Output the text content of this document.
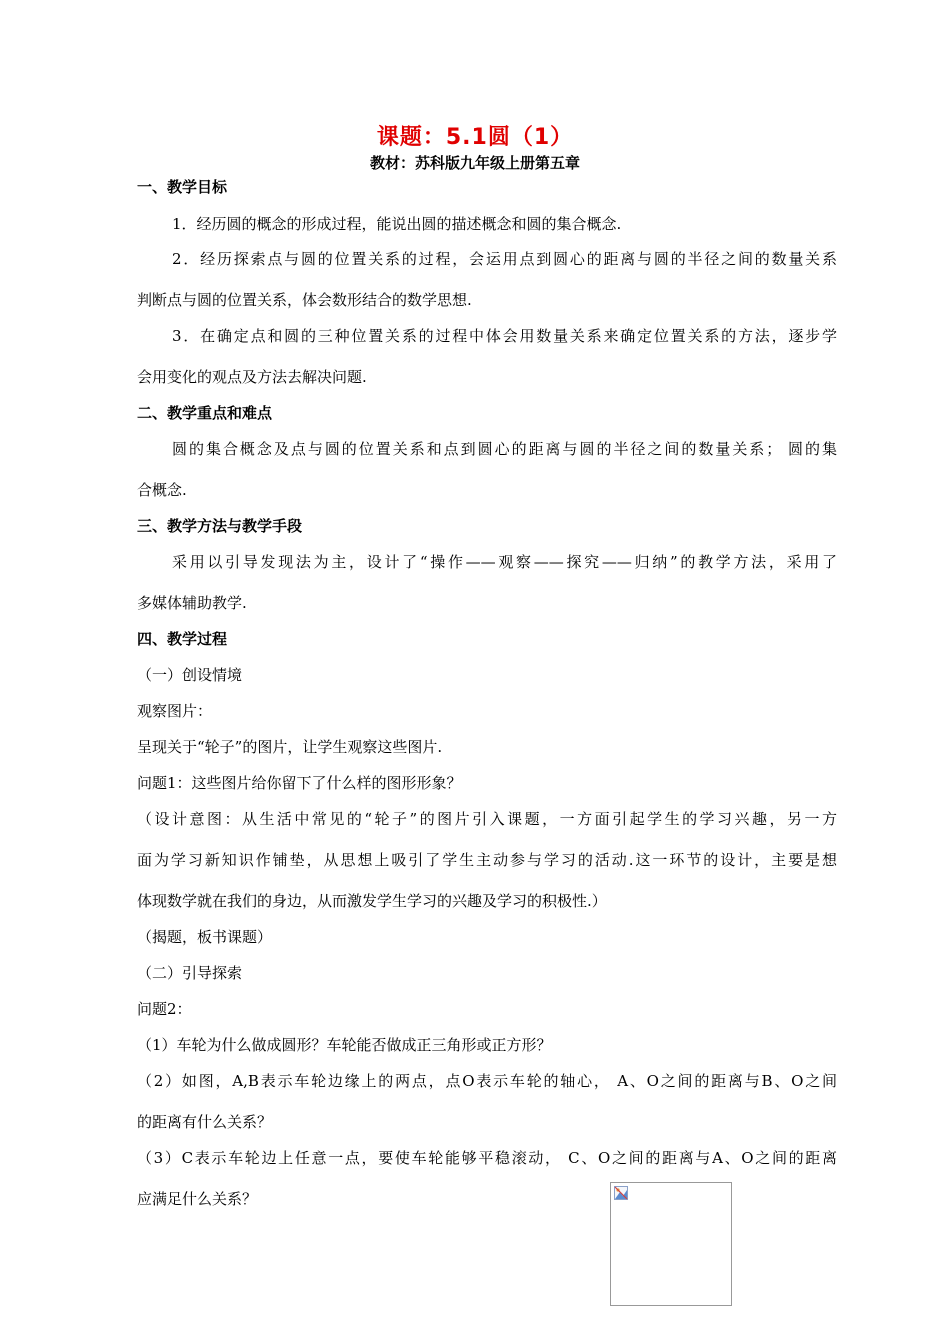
课题：5.1圆（1）
教材：苏科版九年级上册第五章
一、教学目标
1．经历圆的概念的形成过程，能说出圆的描述概念和圆的集合概念.
2．经历探索点与圆的位置关系的过程，会运用点到圆心的距离与圆的半径之间的数量关系
判断点与圆的位置关系，体会数形结合的数学思想.
3．在确定点和圆的三种位置关系的过程中体会用数量关系来确定位置关系的方法，逐步学
会用变化的观点及方法去解决问题.
二、教学重点和难点
圆的集合概念及点与圆的位置关系和点到圆心的距离与圆的半径之间的数量关系； 圆的集
合概念.
三、教学方法与教学手段
采用以引导发现法为主，设计了“操作——观察——探究——归纳”的教学方法，采用了
多媒体辅助教学.
四、教学过程
（一）创设情境
观察图片：
呈现关于“轮子”的图片，让学生观察这些图片.
问题1：这些图片给你留下了什么样的图形形象？
（设计意图：从生活中常见的“轮子”的图片引入课题，一方面引起学生的学习兴趣，另一方
面为学习新知识作铺垫，从思想上吸引了学生主动参与学习的活动.这一环节的设计，主要是想
体现数学就在我们的身边，从而激发学生学习的兴趣及学习的积极性.）
（揭题，板书课题）
（二）引导探索
问题2：
（1）车轮为什么做成圆形？车轮能否做成正三角形或正方形？
（2）如图，A,B表示车轮边缘上的两点，点O表示车轮的轴心， A、O之间的距离与B、O之间
的距离有什么关系？
（3）C表示车轮边上任意一点，要使车轮能够平稳滚动， C、O之间的距离与A、O之间的距离
应满足什么关系？
